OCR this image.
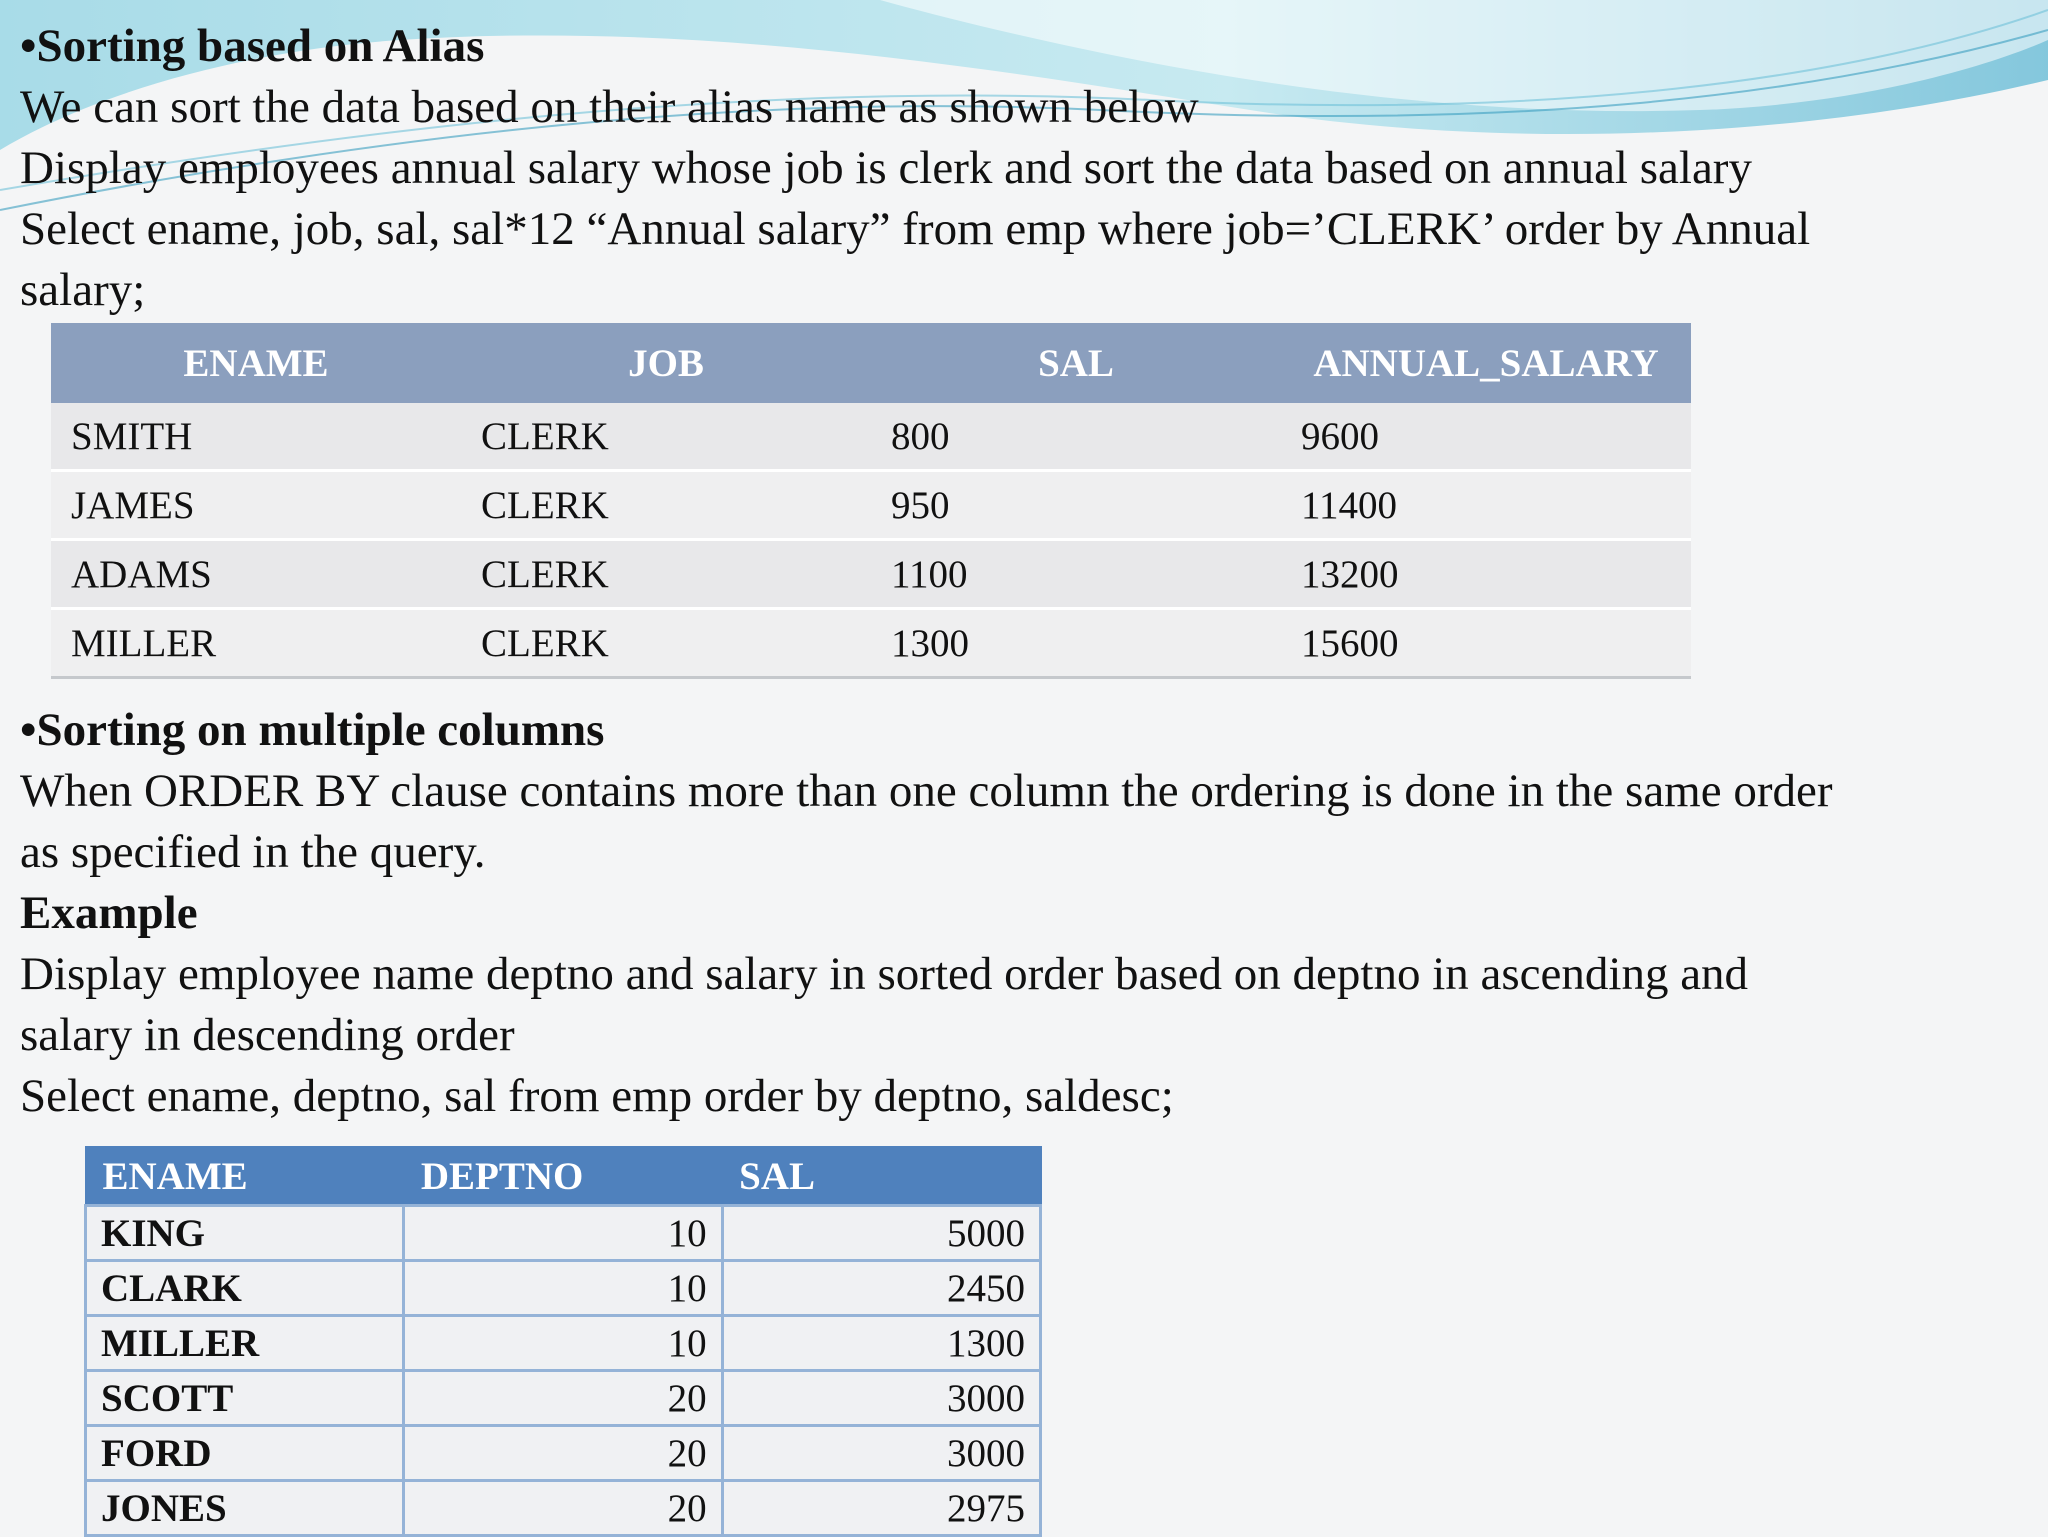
•Sorting based on Alias
We can sort the data based on their alias name as shown below
Display employees annual salary whose job is clerk and sort the data based on annual salary
Select ename, job, sal, sal*12 “Annual salary” from emp where job=’CLERK’ order by Annual
salary;
ENAME	JOB	SAL	ANNUAL_SALARY
SMITH	CLERK	800	9600
JAMES	CLERK	950	11400
ADAMS	CLERK	1100	13200
MILLER	CLERK	1300	15600
•Sorting on multiple columns
When ORDER BY clause contains more than one column the ordering is done in the same order
as specified in the query.
Example
Display employee name deptno and salary in sorted order based on deptno in ascending and
salary in descending order
Select ename, deptno, sal from emp order by deptno, saldesc;
ENAME	DEPTNO	SAL
KING	10	5000
CLARK	10	2450
MILLER	10	1300
SCOTT	20	3000
FORD	20	3000
JONES	20	2975
